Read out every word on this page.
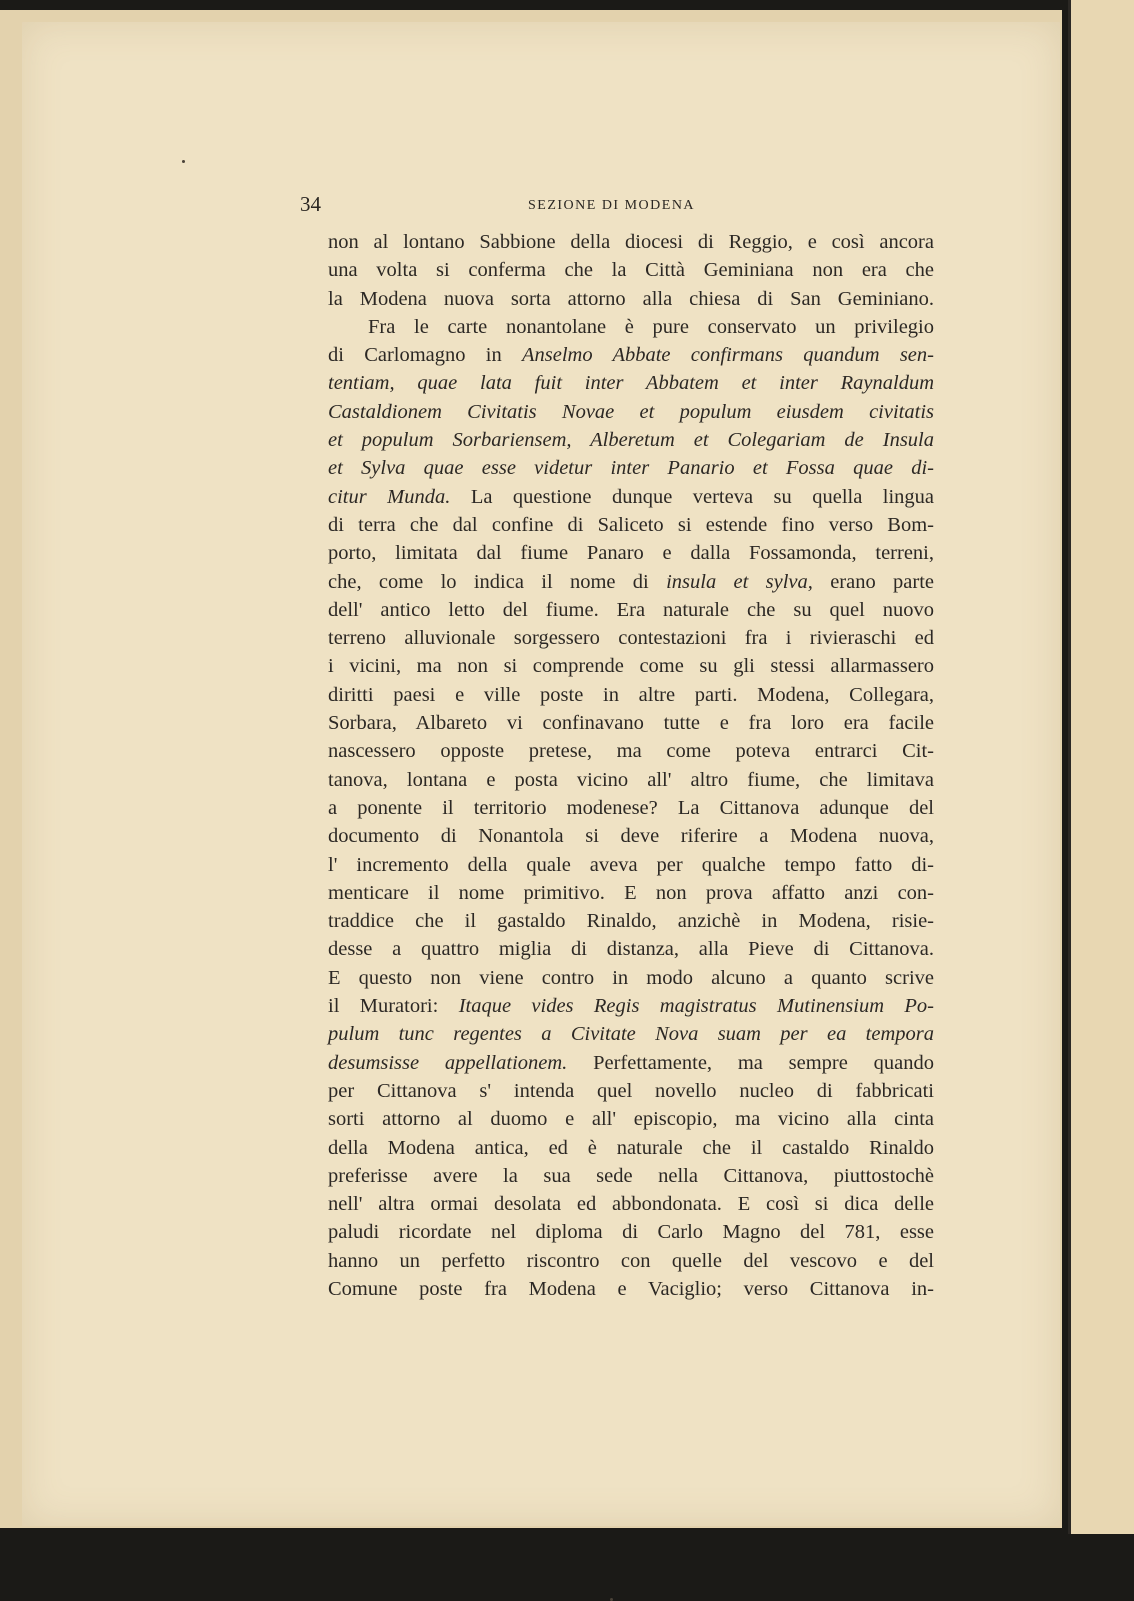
34	SEZIONE DI MODENA
non al lontano Sabbione della diocesi di Reggio, e così ancora
una volta si conferma che la Città Geminiana non era che
la Modena nuova sorta attorno alla chiesa di San Geminiano.
Fra le carte nonantolane è pure conservato un privilegio
di Carlomagno in Anselmo Abbate confirmans quandum sen-
tentiam, quae lata fuit inter Abbatem et inter Raynaldum
Castaldionem Civitatis Novae et populum eiusdem civitatis
et populum Sorbariensem, Alberetum et Colegariam de Insula
et Sylva quae esse videtur inter Panario et Fossa quae di-
citur Munda. La questione dunque verteva su quella lingua
di terra che dal confine di Saliceto si estende fino verso Bom-
porto, limitata dal fiume Panaro e dalla Fossamonda, terreni,
che, come lo indica il nome di insula et sylva, erano parte
dell' antico letto del fiume. Era naturale che su quel nuovo
terreno alluvionale sorgessero contestazioni fra i rivieraschi ed
i vicini, ma non si comprende come su gli stessi allarmassero
diritti paesi e ville poste in altre parti. Modena, Collegara,
Sorbara, Albareto vi confinavano tutte e fra loro era facile
nascessero opposte pretese, ma come poteva entrarci Cit-
tanova, lontana e posta vicino all' altro fiume, che limitava
a ponente il territorio modenese? La Cittanova adunque del
documento di Nonantola si deve riferire a Modena nuova,
l' incremento della quale aveva per qualche tempo fatto di-
menticare il nome primitivo. E non prova affatto anzi con-
traddice che il gastaldo Rinaldo, anzichè in Modena, risie-
desse a quattro miglia di distanza, alla Pieve di Cittanova.
E questo non viene contro in modo alcuno a quanto scrive
il Muratori: Itaque vides Regis magistratus Mutinensium Po-
pulum tunc regentes a Civitate Nova suam per ea tempora
desumsisse appellationem. Perfettamente, ma sempre quando
per Cittanova s' intenda quel novello nucleo di fabbricati
sorti attorno al duomo e all' episcopio, ma vicino alla cinta
della Modena antica, ed è naturale che il castaldo Rinaldo
preferisse avere la sua sede nella Cittanova, piuttostochè
nell' altra ormai desolata ed abbondonata. E così si dica delle
paludi ricordate nel diploma di Carlo Magno del 781, esse
hanno un perfetto riscontro con quelle del vescovo e del
Comune poste fra Modena e Vaciglio; verso Cittanova in-
